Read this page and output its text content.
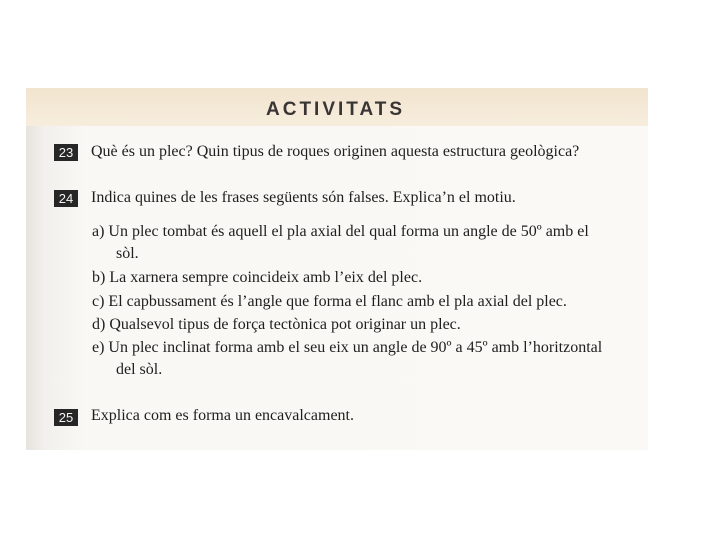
ACTIVITATS
23 Què és un plec? Quin tipus de roques originen aquesta estructura geològica?
24 Indica quines de les frases següents són falses. Explica’n el motiu.
a) Un plec tombat és aquell el pla axial del qual forma un angle de 50º amb el
sòl.
b) La xarnera sempre coincideix amb l’eix del plec.
c) El capbussament és l’angle que forma el flanc amb el pla axial del plec.
d) Qualsevol tipus de força tectònica pot originar un plec.
e) Un plec inclinat forma amb el seu eix un angle de 90º a 45º amb l’horitzontal
del sòl.
25 Explica com es forma un encavalcament.
